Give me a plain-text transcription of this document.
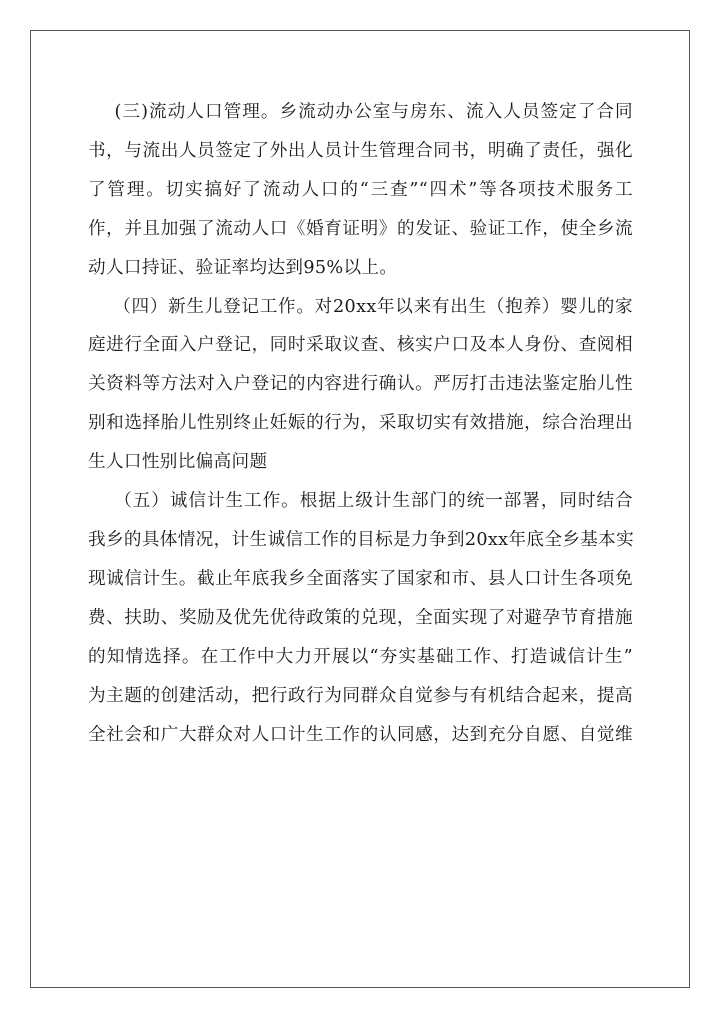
(三)流动人口管理。乡流动办公室与房东、流入人员签定了合同
书，与流出人员签定了外出人员计生管理合同书，明确了责任，强化
了管理。切实搞好了流动人口的“三查”“四术”等各项技术服务工
作，并且加强了流动人口《婚育证明》的发证、验证工作，使全乡流
动人口持证、验证率均达到95%以上。
（四）新生儿登记工作。对20xx年以来有出生（抱养）婴儿的家
庭进行全面入户登记，同时采取议查、核实户口及本人身份、查阅相
关资料等方法对入户登记的内容进行确认。严厉打击违法鉴定胎儿性
别和选择胎儿性别终止妊娠的行为，采取切实有效措施，综合治理出
生人口性别比偏高问题
（五）诚信计生工作。根据上级计生部门的统一部署，同时结合
我乡的具体情况，计生诚信工作的目标是力争到20xx年底全乡基本实
现诚信计生。截止年底我乡全面落实了国家和市、县人口计生各项免
费、扶助、奖励及优先优待政策的兑现，全面实现了对避孕节育措施
的知情选择。在工作中大力开展以“夯实基础工作、打造诚信计生”
为主题的创建活动，把行政行为同群众自觉参与有机结合起来，提高
全社会和广大群众对人口计生工作的认同感，达到充分自愿、自觉维
